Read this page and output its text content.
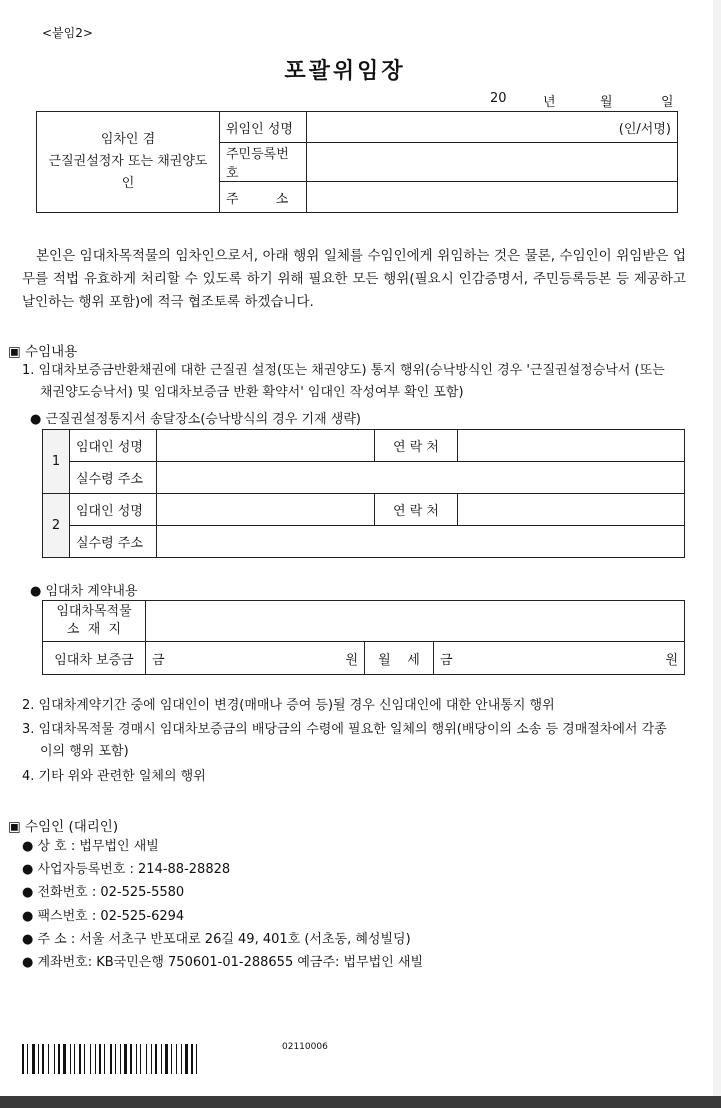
<붙임2>
포괄위임장
20	년	월	일
임차인 겸
근질권설정자 또는 채권양도인	위임인 성명	(인/서명)
	주민등록번호	
	주         소	

본인은 임대차목적물의 임차인으로서, 아래 행위 일체를 수임인에게 위임하는 것은 물론, 수임인이 위임받은 업무를 적법 유효하게 처리할 수 있도록 하기 위해 필요한 모든 행위(필요시 인감증명서, 주민등록등본 등 제공하고 날인하는 행위 포함)에 적극 협조토록 하겠습니다.

▣ 수임내용
1. 임대차보증금반환채권에 대한 근질권 설정(또는 채권양도) 통지 행위(승낙방식인 경우 '근질권설정승낙서 (또는
채권양도승낙서) 및 임대차보증금 반환 확약서' 임대인 작성여부 확인 포함)
● 근질권설정통지서 송달장소(승낙방식의 경우 기재 생략)
1	임대인 성명		연 락 처	
	실수령 주소			
2	임대인 성명		연 락 처	
	실수령 주소			
● 임대차 계약내용
임대차목적물
소  재  지			

임대차 보증금	금 원	월    세	금 원
2. 임대차계약기간 중에 임대인이 변경(매매나 증여 등)될 경우 신임대인에 대한 안내통지 행위
3. 임대차목적물 경매시 임대차보증금의 배당금의 수령에 필요한 일체의 행위(배당이의 소송 등 경매절차에서 각종
이의 행위 포함)
4. 기타 위와 관련한 일체의 행위
▣ 수임인 (대리인)
● 상 호 : 법무법인 새빌
● 사업자등록번호 : 214-88-28828
● 전화번호 : 02-525-5580
● 팩스번호 : 02-525-6294
● 주 소 : 서울 서초구 반포대로 26길 49, 401호 (서초동, 혜성빌딩)
● 계좌번호: KB국민은행 750601-01-288655 예금주: 법무법인 새빌
02110006
